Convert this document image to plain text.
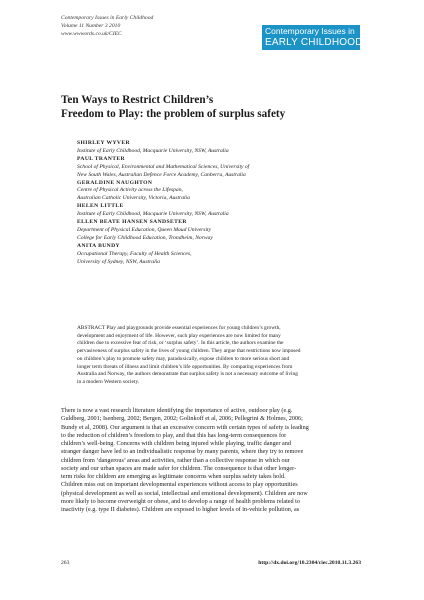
Contemporary Issues in Early Childhood
Volume 11 Number 3 2010
www.wwwords.co.uk/CIEC	Contemporary Issues in
EARLY CHILDHOOD
Ten Ways to Restrict Children’s
Freedom to Play: the problem of surplus safety
SHIRLEY WYVER
Institute of Early Childhood, Macquarie University, NSW, Australia
PAUL TRANTER
School of Physical, Environmental and Mathematical Sciences, University of
New South Wales, Australian Defence Force Academy, Canberra, Australia
GERALDINE NAUGHTON
Centre of Physical Activity across the Lifespan,
Australian Catholic University, Victoria, Australia
HELEN LITTLE
Institute of Early Childhood, Macquarie University, NSW, Australia
ELLEN BEATE HANSEN SANDSETER
Department of Physical Education, Queen Maud University
College for Early Childhood Education, Trondheim, Norway
ANITA BUNDY
Occupational Therapy, Faculty of Health Sciences,
University of Sydney, NSW, Australia
ABSTRACT Play and playgrounds provide essential experiences for young children’s growth,
development and enjoyment of life. However, such play experiences are now limited for many
children due to excessive fear of risk, or ‘surplus safety’. In this article, the authors examine the
pervasiveness of surplus safety in the lives of young children. They argue that restrictions now imposed
on children’s play to promote safety may, paradoxically, expose children to more serious short and
longer term threats of illness and limit children’s life opportunities. By comparing experiences from
Australia and Norway, the authors demonstrate that surplus safety is not a necessary outcome of living
in a modern Western society.
There is now a vast research literature identifying the importance of active, outdoor play (e.g.
Guldberg, 2001; Isenberg, 2002; Bergen, 2002; Golinkoff et al, 2006; Pellegrini & Holmes, 2006;
Bundy et al, 2008). Our argument is that an excessive concern with certain types of safety is leading
to the reduction of children’s freedom to play, and that this has long-term consequences for
children’s well-being. Concerns with children being injured while playing, traffic danger and
stranger danger have led to an individualistic response by many parents, where they try to remove
children from ‘dangerous’ areas and activities, rather than a collective response in which our
society and our urban spaces are made safer for children. The consequence is that other longer-
term risks for children are emerging as legitimate concerns when surplus safety takes hold.
Children miss out on important developmental experiences without access to play opportunities
(physical development as well as social, intellectual and emotional development). Children are now
more likely to become overweight or obese, and to develop a range of health problems related to
inactivity (e.g. type II diabetes). Children are exposed to higher levels of in-vehicle pollution, as
263	http://dx.doi.org/10.2304/ciec.2010.11.3.263
